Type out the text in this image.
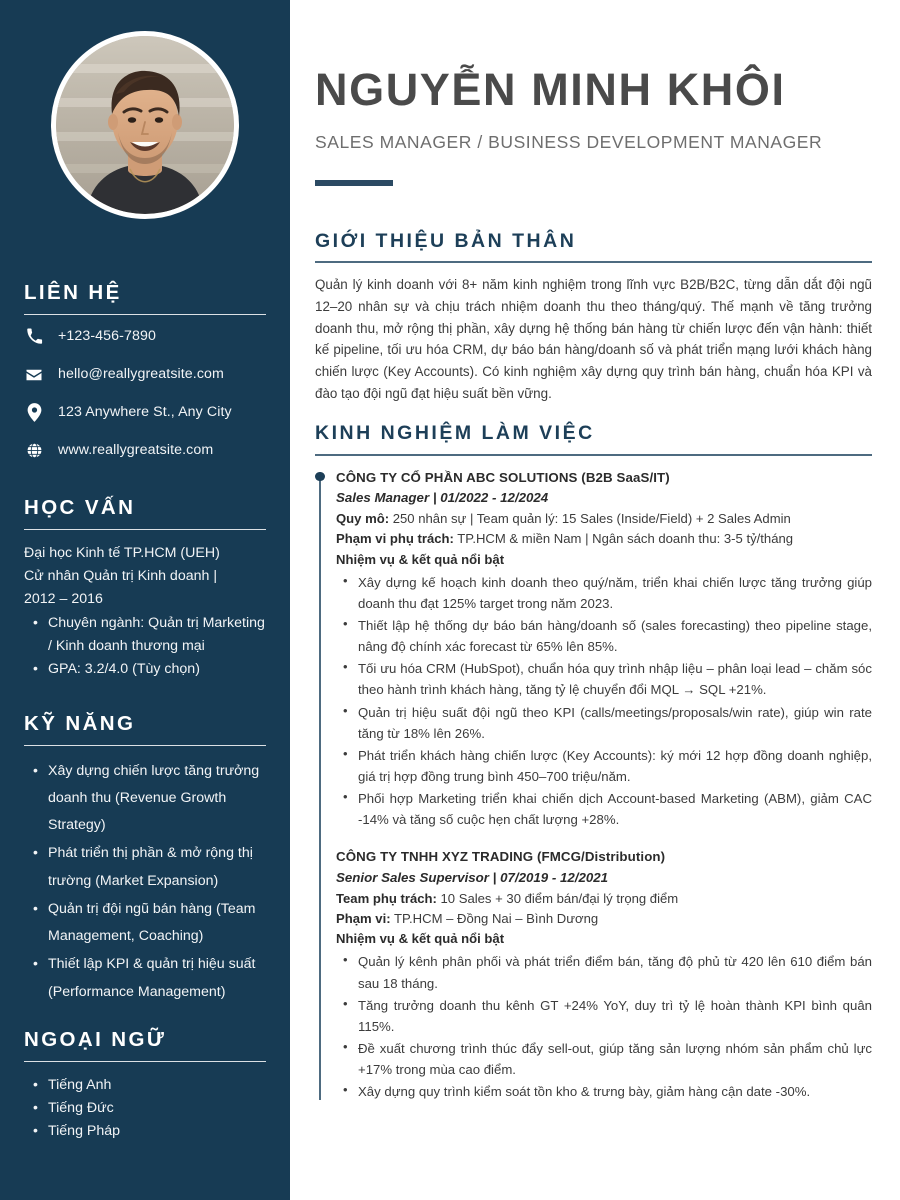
LIÊN HỆ
+123-456-7890
hello@reallygreatsite.com
123 Anywhere St., Any City
www.reallygreatsite.com
HỌC VẤN
Đại học Kinh tế TP.HCM (UEH)
Cử nhân Quản trị Kinh doanh |
2012 – 2016
• Chuyên ngành: Quản trị Marketing / Kinh doanh thương mại
• GPA: 3.2/4.0 (Tùy chọn)
KỸ NĂNG
• Xây dựng chiến lược tăng trưởng doanh thu (Revenue Growth Strategy)
• Phát triển thị phần & mở rộng thị trường (Market Expansion)
• Quản trị đội ngũ bán hàng (Team Management, Coaching)
• Thiết lập KPI & quản trị hiệu suất (Performance Management)
NGOẠI NGỮ
• Tiếng Anh
• Tiếng Đức
• Tiếng Pháp
NGUYỄN MINH KHÔI
SALES MANAGER / BUSINESS DEVELOPMENT MANAGER
GIỚI THIỆU BẢN THÂN

Quản lý kinh doanh với 8+ năm kinh nghiệm trong lĩnh vực B2B/B2C, từng dẫn dắt đội ngũ 12–20 nhân sự và chịu trách nhiệm doanh thu theo tháng/quý. Thế mạnh về tăng trưởng doanh thu, mở rộng thị phần, xây dựng hệ thống bán hàng từ chiến lược đến vận hành: thiết kế pipeline, tối ưu hóa CRM, dự báo bán hàng/doanh số và phát triển mạng lưới khách hàng chiến lược (Key Accounts). Có kinh nghiệm xây dựng quy trình bán hàng, chuẩn hóa KPI và đào tạo đội ngũ đạt hiệu suất bền vững.

KINH NGHIỆM LÀM VIỆC
CÔNG TY CỔ PHẦN ABC SOLUTIONS (B2B SaaS/IT)
Sales Manager | 01/2022 - 12/2024
Quy mô: 250 nhân sự | Team quản lý: 15 Sales (Inside/Field) + 2 Sales Admin
Phạm vi phụ trách: TP.HCM & miền Nam | Ngân sách doanh thu: 3-5 tỷ/tháng
Nhiệm vụ & kết quả nổi bật
• Xây dựng kế hoạch kinh doanh theo quý/năm, triển khai chiến lược tăng trưởng giúp doanh thu đạt 125% target trong năm 2023.
• Thiết lập hệ thống dự báo bán hàng/doanh số (sales forecasting) theo pipeline stage, nâng độ chính xác forecast từ 65% lên 85%.
• Tối ưu hóa CRM (HubSpot), chuẩn hóa quy trình nhập liệu – phân loại lead – chăm sóc theo hành trình khách hàng, tăng tỷ lệ chuyển đổi MQL → SQL +21%.
• Quản trị hiệu suất đội ngũ theo KPI (calls/meetings/proposals/win rate), giúp win rate tăng từ 18% lên 26%.
• Phát triển khách hàng chiến lược (Key Accounts): ký mới 12 hợp đồng doanh nghiệp, giá trị hợp đồng trung bình 450–700 triệu/năm.
• Phối hợp Marketing triển khai chiến dịch Account-based Marketing (ABM), giảm CAC -14% và tăng số cuộc hẹn chất lượng +28%.
CÔNG TY TNHH XYZ TRADING (FMCG/Distribution)
Senior Sales Supervisor | 07/2019 - 12/2021
Team phụ trách: 10 Sales + 30 điểm bán/đại lý trọng điểm
Phạm vi: TP.HCM – Đồng Nai – Bình Dương
Nhiệm vụ & kết quả nổi bật
• Quản lý kênh phân phối và phát triển điểm bán, tăng độ phủ từ 420 lên 610 điểm bán sau 18 tháng.
• Tăng trưởng doanh thu kênh GT +24% YoY, duy trì tỷ lệ hoàn thành KPI bình quân 115%.
• Đề xuất chương trình thúc đẩy sell-out, giúp tăng sản lượng nhóm sản phẩm chủ lực +17% trong mùa cao điểm.
• Xây dựng quy trình kiểm soát tồn kho & trưng bày, giảm hàng cận date -30%.
